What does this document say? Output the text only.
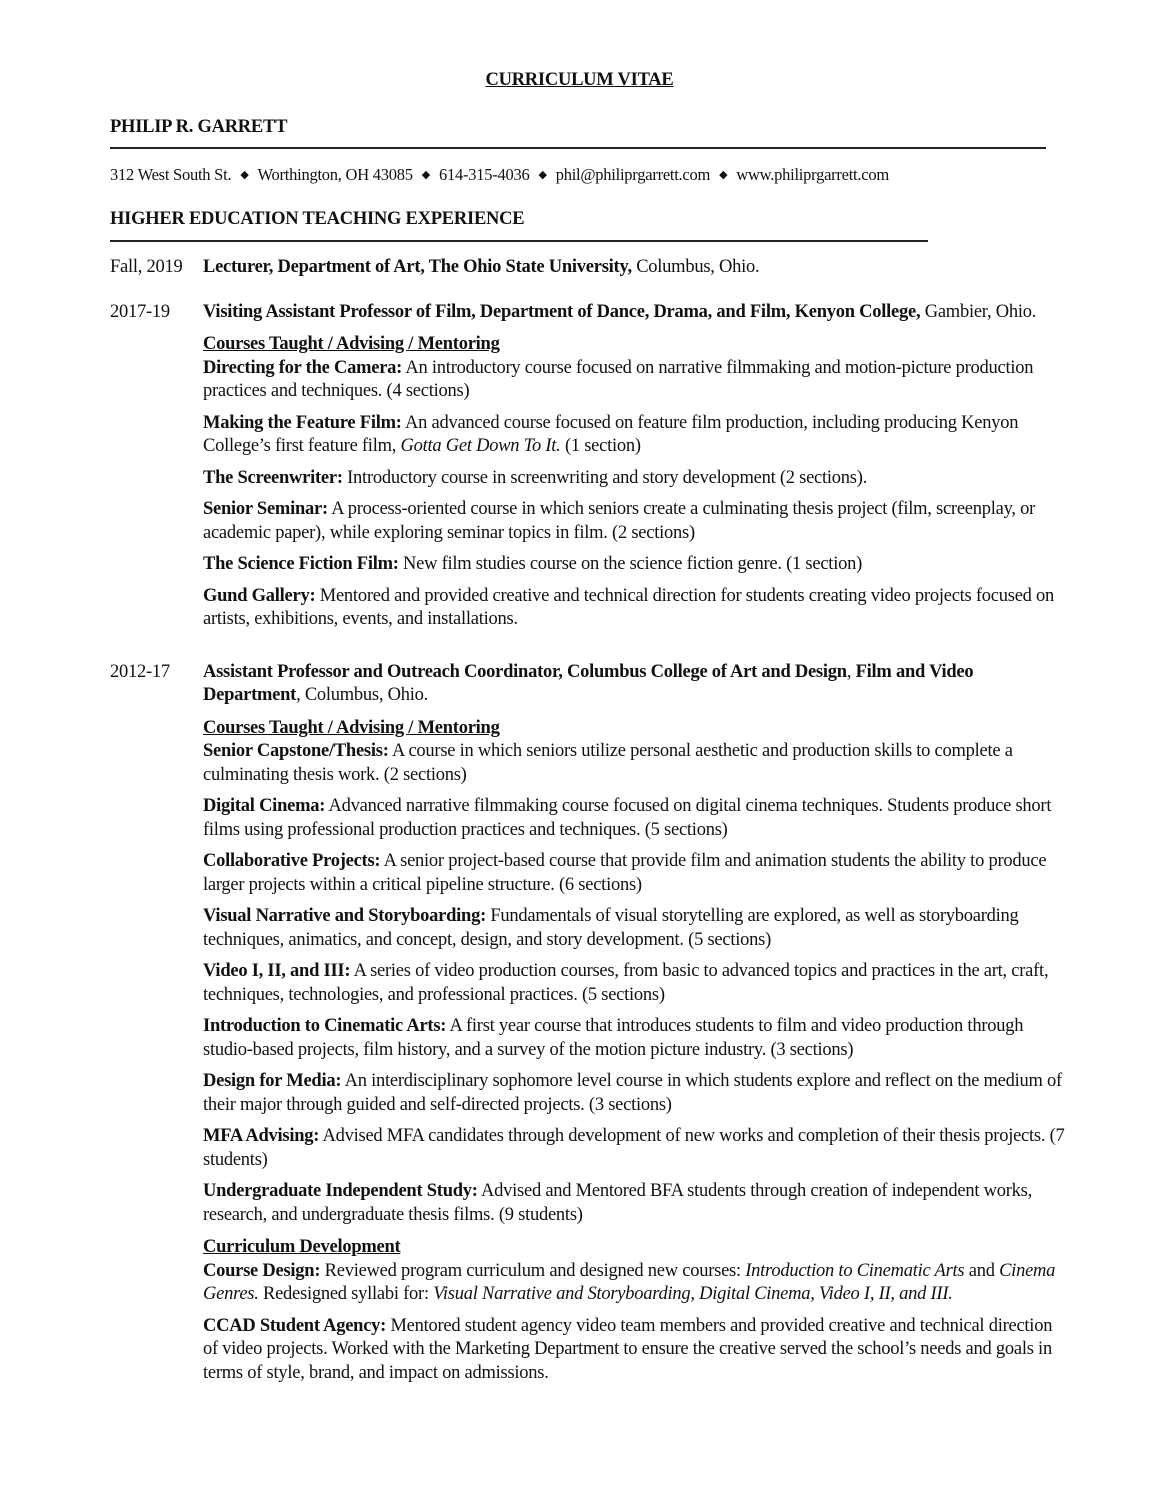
CURRICULUM VITAE
PHILIP R. GARRETT
312 West South St. ◆ Worthington, OH 43085 ◆ 614-315-4036 ◆ phil@philiprgarrett.com ◆ www.philiprgarrett.com
HIGHER EDUCATION TEACHING EXPERIENCE
Fall, 2019	Lecturer, Department of Art, The Ohio State University, Columbus, Ohio.
2017-19	Visiting Assistant Professor of Film, Department of Dance, Drama, and Film, Kenyon College, Gambier, Ohio.
Courses Taught / Advising / Mentoring
Directing for the Camera: An introductory course focused on narrative filmmaking and motion-picture production practices and techniques. (4 sections)
Making the Feature Film: An advanced course focused on feature film production, including producing Kenyon College’s first feature film, Gotta Get Down To It. (1 section)
The Screenwriter: Introductory course in screenwriting and story development (2 sections).
Senior Seminar: A process-oriented course in which seniors create a culminating thesis project (film, screenplay, or academic paper), while exploring seminar topics in film. (2 sections)
The Science Fiction Film: New film studies course on the science fiction genre. (1 section)
Gund Gallery: Mentored and provided creative and technical direction for students creating video projects focused on artists, exhibitions, events, and installations.
2012-17	Assistant Professor and Outreach Coordinator, Columbus College of Art and Design, Film and Video Department, Columbus, Ohio.
Courses Taught / Advising / Mentoring
Senior Capstone/Thesis: A course in which seniors utilize personal aesthetic and production skills to complete a culminating thesis work. (2 sections)
Digital Cinema: Advanced narrative filmmaking course focused on digital cinema techniques. Students produce short films using professional production practices and techniques. (5 sections)
Collaborative Projects: A senior project-based course that provide film and animation students the ability to produce larger projects within a critical pipeline structure. (6 sections)
Visual Narrative and Storyboarding: Fundamentals of visual storytelling are explored, as well as storyboarding techniques, animatics, and concept, design, and story development. (5 sections)
Video I, II, and III: A series of video production courses, from basic to advanced topics and practices in the art, craft, techniques, technologies, and professional practices. (5 sections)
Introduction to Cinematic Arts: A first year course that introduces students to film and video production through studio-based projects, film history, and a survey of the motion picture industry. (3 sections)
Design for Media: An interdisciplinary sophomore level course in which students explore and reflect on the medium of their major through guided and self-directed projects. (3 sections)
MFA Advising: Advised MFA candidates through development of new works and completion of their thesis projects. (7 students)
Undergraduate Independent Study: Advised and Mentored BFA students through creation of independent works, research, and undergraduate thesis films. (9 students)
Curriculum Development
Course Design: Reviewed program curriculum and designed new courses: Introduction to Cinematic Arts and Cinema Genres. Redesigned syllabi for: Visual Narrative and Storyboarding, Digital Cinema, Video I, II, and III.
CCAD Student Agency: Mentored student agency video team members and provided creative and technical direction of video projects. Worked with the Marketing Department to ensure the creative served the school’s needs and goals in terms of style, brand, and impact on admissions.
